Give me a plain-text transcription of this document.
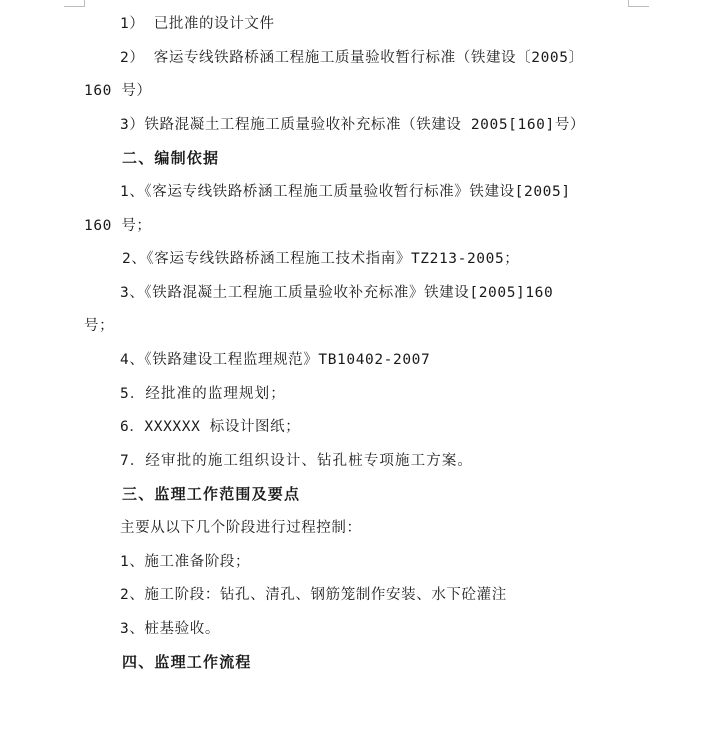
1） 已批准的设计文件
2） 客运专线铁路桥涵工程施工质量验收暂行标准（铁建设〔2005〕
160 号）
3）铁路混凝土工程施工质量验收补充标准（铁建设 2005[160]号）
二、编制依据
1、《客运专线铁路桥涵工程施工质量验收暂行标准》铁建设[2005]
160 号；
2、《客运专线铁路桥涵工程施工技术指南》TZ213-2005；
3、《铁路混凝土工程施工质量验收补充标准》铁建设[2005]160
号；
4、《铁路建设工程监理规范》TB10402-2007
5．经批准的监理规划；
6．XXXXXX 标设计图纸；
7．经审批的施工组织设计、钻孔桩专项施工方案。
三、监理工作范围及要点
主要从以下几个阶段进行过程控制：
1、施工准备阶段；
2、施工阶段：钻孔、清孔、钢筋笼制作安装、水下砼灌注
3、桩基验收。
四、监理工作流程
